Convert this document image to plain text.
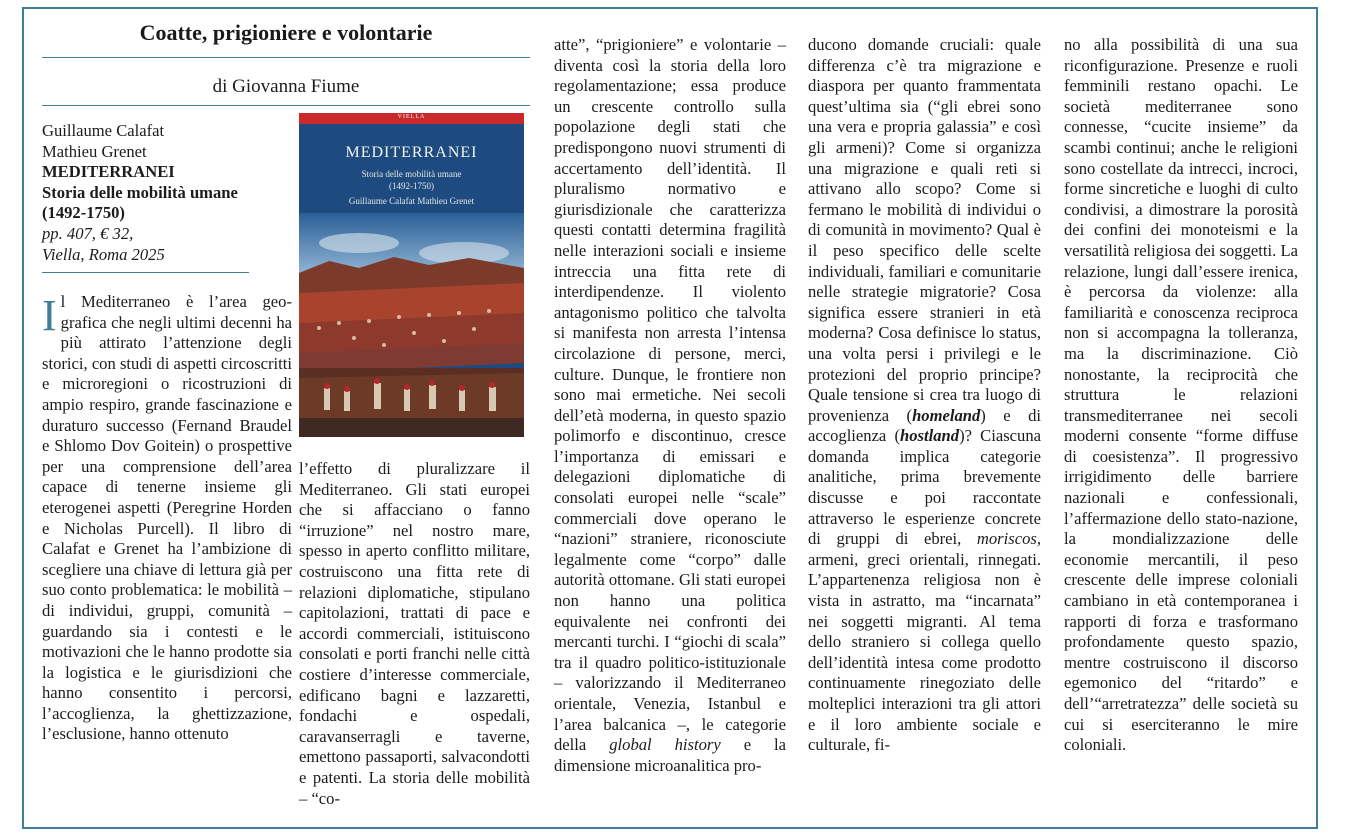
Coatte, prigioniere e volontarie
di Giovanna Fiume
Guillaume Calafat
Mathieu Grenet
MEDITERRANEI
Storia delle mobilità umane
(1492-1750)
pp. 407, € 32,
Viella, Roma 2025
VIELLA
MEDITERRANEI
Storia delle mobilità umane
(1492-1750)
Guillaume Calafat Mathieu Grenet
Il Mediterraneo è l’area geo- grafica che negli ultimi decenni ha più attirato l’attenzione degli storici, con studi di aspetti circoscritti e microregioni o ricostruzioni di ampio respiro, grande fascinazione e duraturo successo (Fernand Braudel e Shlomo Dov Goitein) o prospettive per una comprensione dell’area capace di tenerne insieme gli eterogenei aspetti (Peregrine Horden e Nicholas Purcell). Il libro di Calafat e Grenet ha l’ambizione di scegliere una chiave di lettura già per suo conto problematica: le mobilità – di individui, gruppi, comunità – guardando sia i contesti e le motivazioni che le hanno prodotte sia la logistica e le giurisdizioni che hanno consentito i percorsi, l’accoglienza, la ghettizzazione, l’esclusione, hanno ottenuto

l’effetto di pluralizzare il Mediterraneo. Gli stati europei che si affacciano o fanno “irruzione” nel nostro mare, spesso in aperto conflitto militare, costruiscono una fitta rete di relazioni diplomatiche, stipulano capitolazioni, trattati di pace e accordi commerciali, istituiscono consolati e porti franchi nelle città costiere d’interesse commerciale, edificano bagni e lazzaretti, fondachi e ospedali, caravanserragli e taverne, emettono passaporti, salvacondotti e patenti. La storia delle mobilità – “co-

atte”, “prigioniere” e volontarie – diventa così la storia della loro regolamentazione; essa produce un crescente controllo sulla popolazione degli stati che predispongono nuovi strumenti di accertamento dell’identità. Il pluralismo normativo e giurisdizionale che caratterizza questi contatti determina fragilità nelle interazioni sociali e insieme intreccia una fitta rete di interdipendenze. Il violento antagonismo politico che talvolta si manifesta non arresta l’intensa circolazione di persone, merci, culture. Dunque, le frontiere non sono mai ermetiche. Nei secoli dell’età moderna, in questo spazio polimorfo e discontinuo, cresce l’importanza di emissari e delegazioni diplomatiche di consolati europei nelle “scale” commerciali dove operano le “nazioni” straniere, riconosciute legalmente come “corpo” dalle autorità ottomane. Gli stati europei non hanno una politica equivalente nei confronti dei mercanti turchi. I “giochi di scala” tra il quadro politico-istituzionale – valorizzando il Mediterraneo orientale, Venezia, Istanbul e l’area balcanica –, le categorie della global history e la dimensione microanalitica pro-

ducono domande cruciali: quale differenza c’è tra migrazione e diaspora per quanto frammentata quest’ultima sia (“gli ebrei sono una vera e propria galassia” e così gli armeni)? Come si organizza una migrazione e quali reti si attivano allo scopo? Come si fermano le mobilità di individui o di comunità in movimento? Qual è il peso specifico delle scelte individuali, familiari e comunitarie nelle strategie migratorie? Cosa significa essere stranieri in età moderna? Cosa definisce lo status, una volta persi i privilegi e le protezioni del proprio principe? Quale tensione si crea tra luogo di provenienza (homeland) e di accoglienza (hostland)? Ciascuna domanda implica categorie analitiche, prima brevemente discusse e poi raccontate attraverso le esperienze concrete di gruppi di ebrei, moriscos, armeni, greci orientali, rinnegati. L’appartenenza religiosa non è vista in astratto, ma “incarnata” nei soggetti migranti. Al tema dello straniero si collega quello dell’identità intesa come prodotto continuamente rinegoziato delle molteplici interazioni tra gli attori e il loro ambiente sociale e culturale, fi-

no alla possibilità di una sua riconfigurazione. Presenze e ruoli femminili restano opachi. Le società mediterranee sono connesse, “cucite insieme” da scambi continui; anche le religioni sono costellate da intrecci, incroci, forme sincretiche e luoghi di culto condivisi, a dimostrare la porosità dei confini dei monoteismi e la versatilità religiosa dei soggetti. La relazione, lungi dall’essere irenica, è percorsa da violenze: alla familiarità e conoscenza reciproca non si accompagna la tolleranza, ma la discriminazione. Ciò nonostante, la reciprocità che struttura le relazioni transmediterranee nei secoli moderni consente “forme diffuse di coesistenza”. Il progressivo irrigidimento delle barriere nazionali e confessionali, l’affermazione dello stato-nazione, la mondializzazione delle economie mercantili, il peso crescente delle imprese coloniali cambiano in età contemporanea i rapporti di forza e trasformano profondamente questo spazio, mentre costruiscono il discorso egemonico del “ritardo” e dell’“arretratezza” delle società su cui si eserciteranno le mire coloniali.
